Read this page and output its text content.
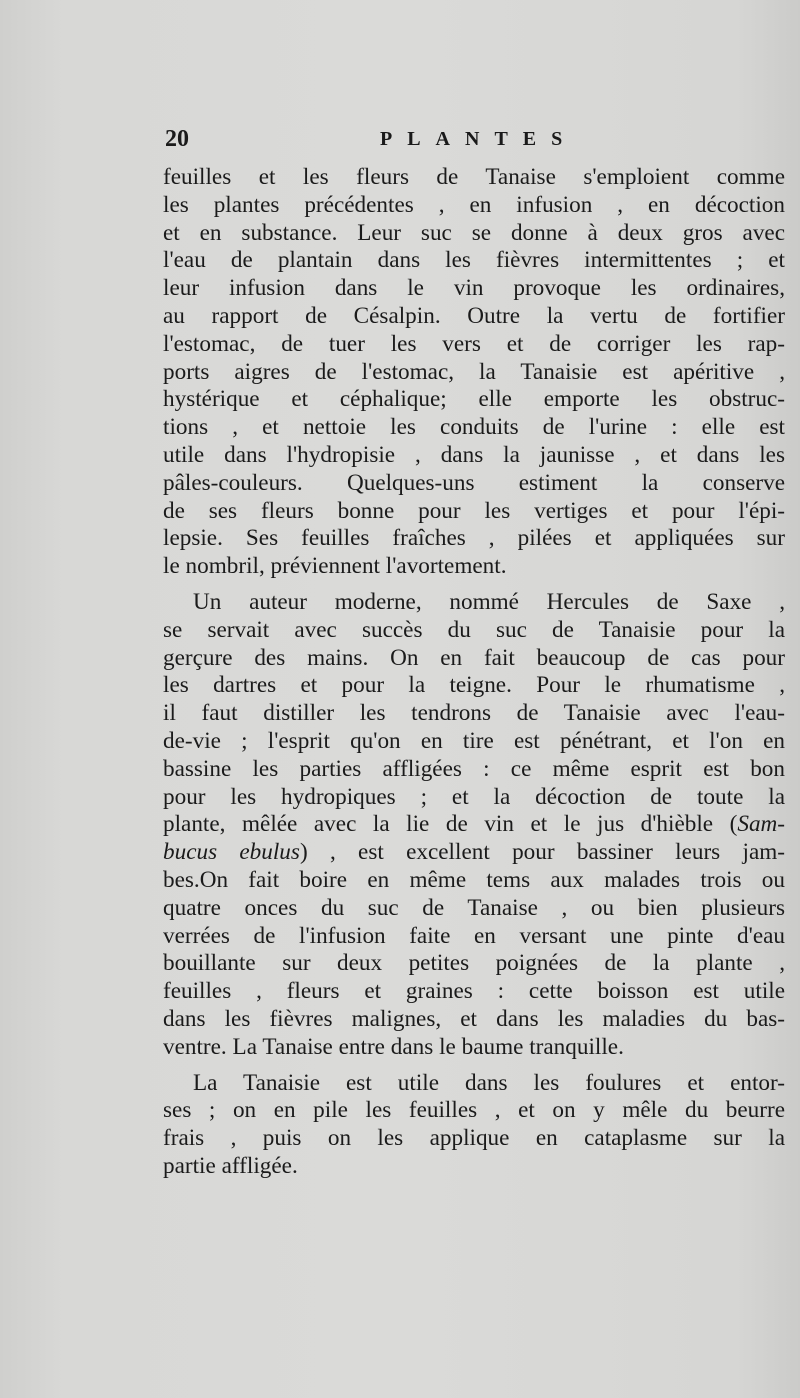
20	PLANTES

feuilles et les fleurs de Tanaise s'emploient comme
les plantes précédentes , en infusion , en décoction
et en substance. Leur suc se donne à deux gros avec
l'eau de plantain dans les fièvres intermittentes ; et
leur infusion dans le vin provoque les ordinaires,
au rapport de Césalpin. Outre la vertu de fortifier
l'estomac, de tuer les vers et de corriger les rap-
ports aigres de l'estomac, la Tanaisie est apéritive ,
hystérique et céphalique; elle emporte les obstruc-
tions , et nettoie les conduits de l'urine : elle est
utile dans l'hydropisie , dans la jaunisse , et dans les
pâles-couleurs. Quelques-uns estiment la conserve
de ses fleurs bonne pour les vertiges et pour l'épi-
lepsie. Ses feuilles fraîches , pilées et appliquées sur
le nombril, préviennent l'avortement.

Un auteur moderne, nommé Hercules de Saxe ,
se servait avec succès du suc de Tanaisie pour la
gerçure des mains. On en fait beaucoup de cas pour
les dartres et pour la teigne. Pour le rhumatisme ,
il faut distiller les tendrons de Tanaisie avec l'eau-
de-vie ; l'esprit qu'on en tire est pénétrant, et l'on en
bassine les parties affligées : ce même esprit est bon
pour les hydropiques ; et la décoction de toute la
plante, mêlée avec la lie de vin et le jus d'hièble (Sam-
bucus ebulus) , est excellent pour bassiner leurs jam-
bes.On fait boire en même tems aux malades trois ou
quatre onces du suc de Tanaise , ou bien plusieurs
verrées de l'infusion faite en versant une pinte d'eau
bouillante sur deux petites poignées de la plante ,
feuilles , fleurs et graines : cette boisson est utile
dans les fièvres malignes, et dans les maladies du bas-
ventre. La Tanaise entre dans le baume tranquille.

La Tanaisie est utile dans les foulures et entor-
ses ; on en pile les feuilles , et on y mêle du beurre
frais , puis on les applique en cataplasme sur la
partie affligée.
